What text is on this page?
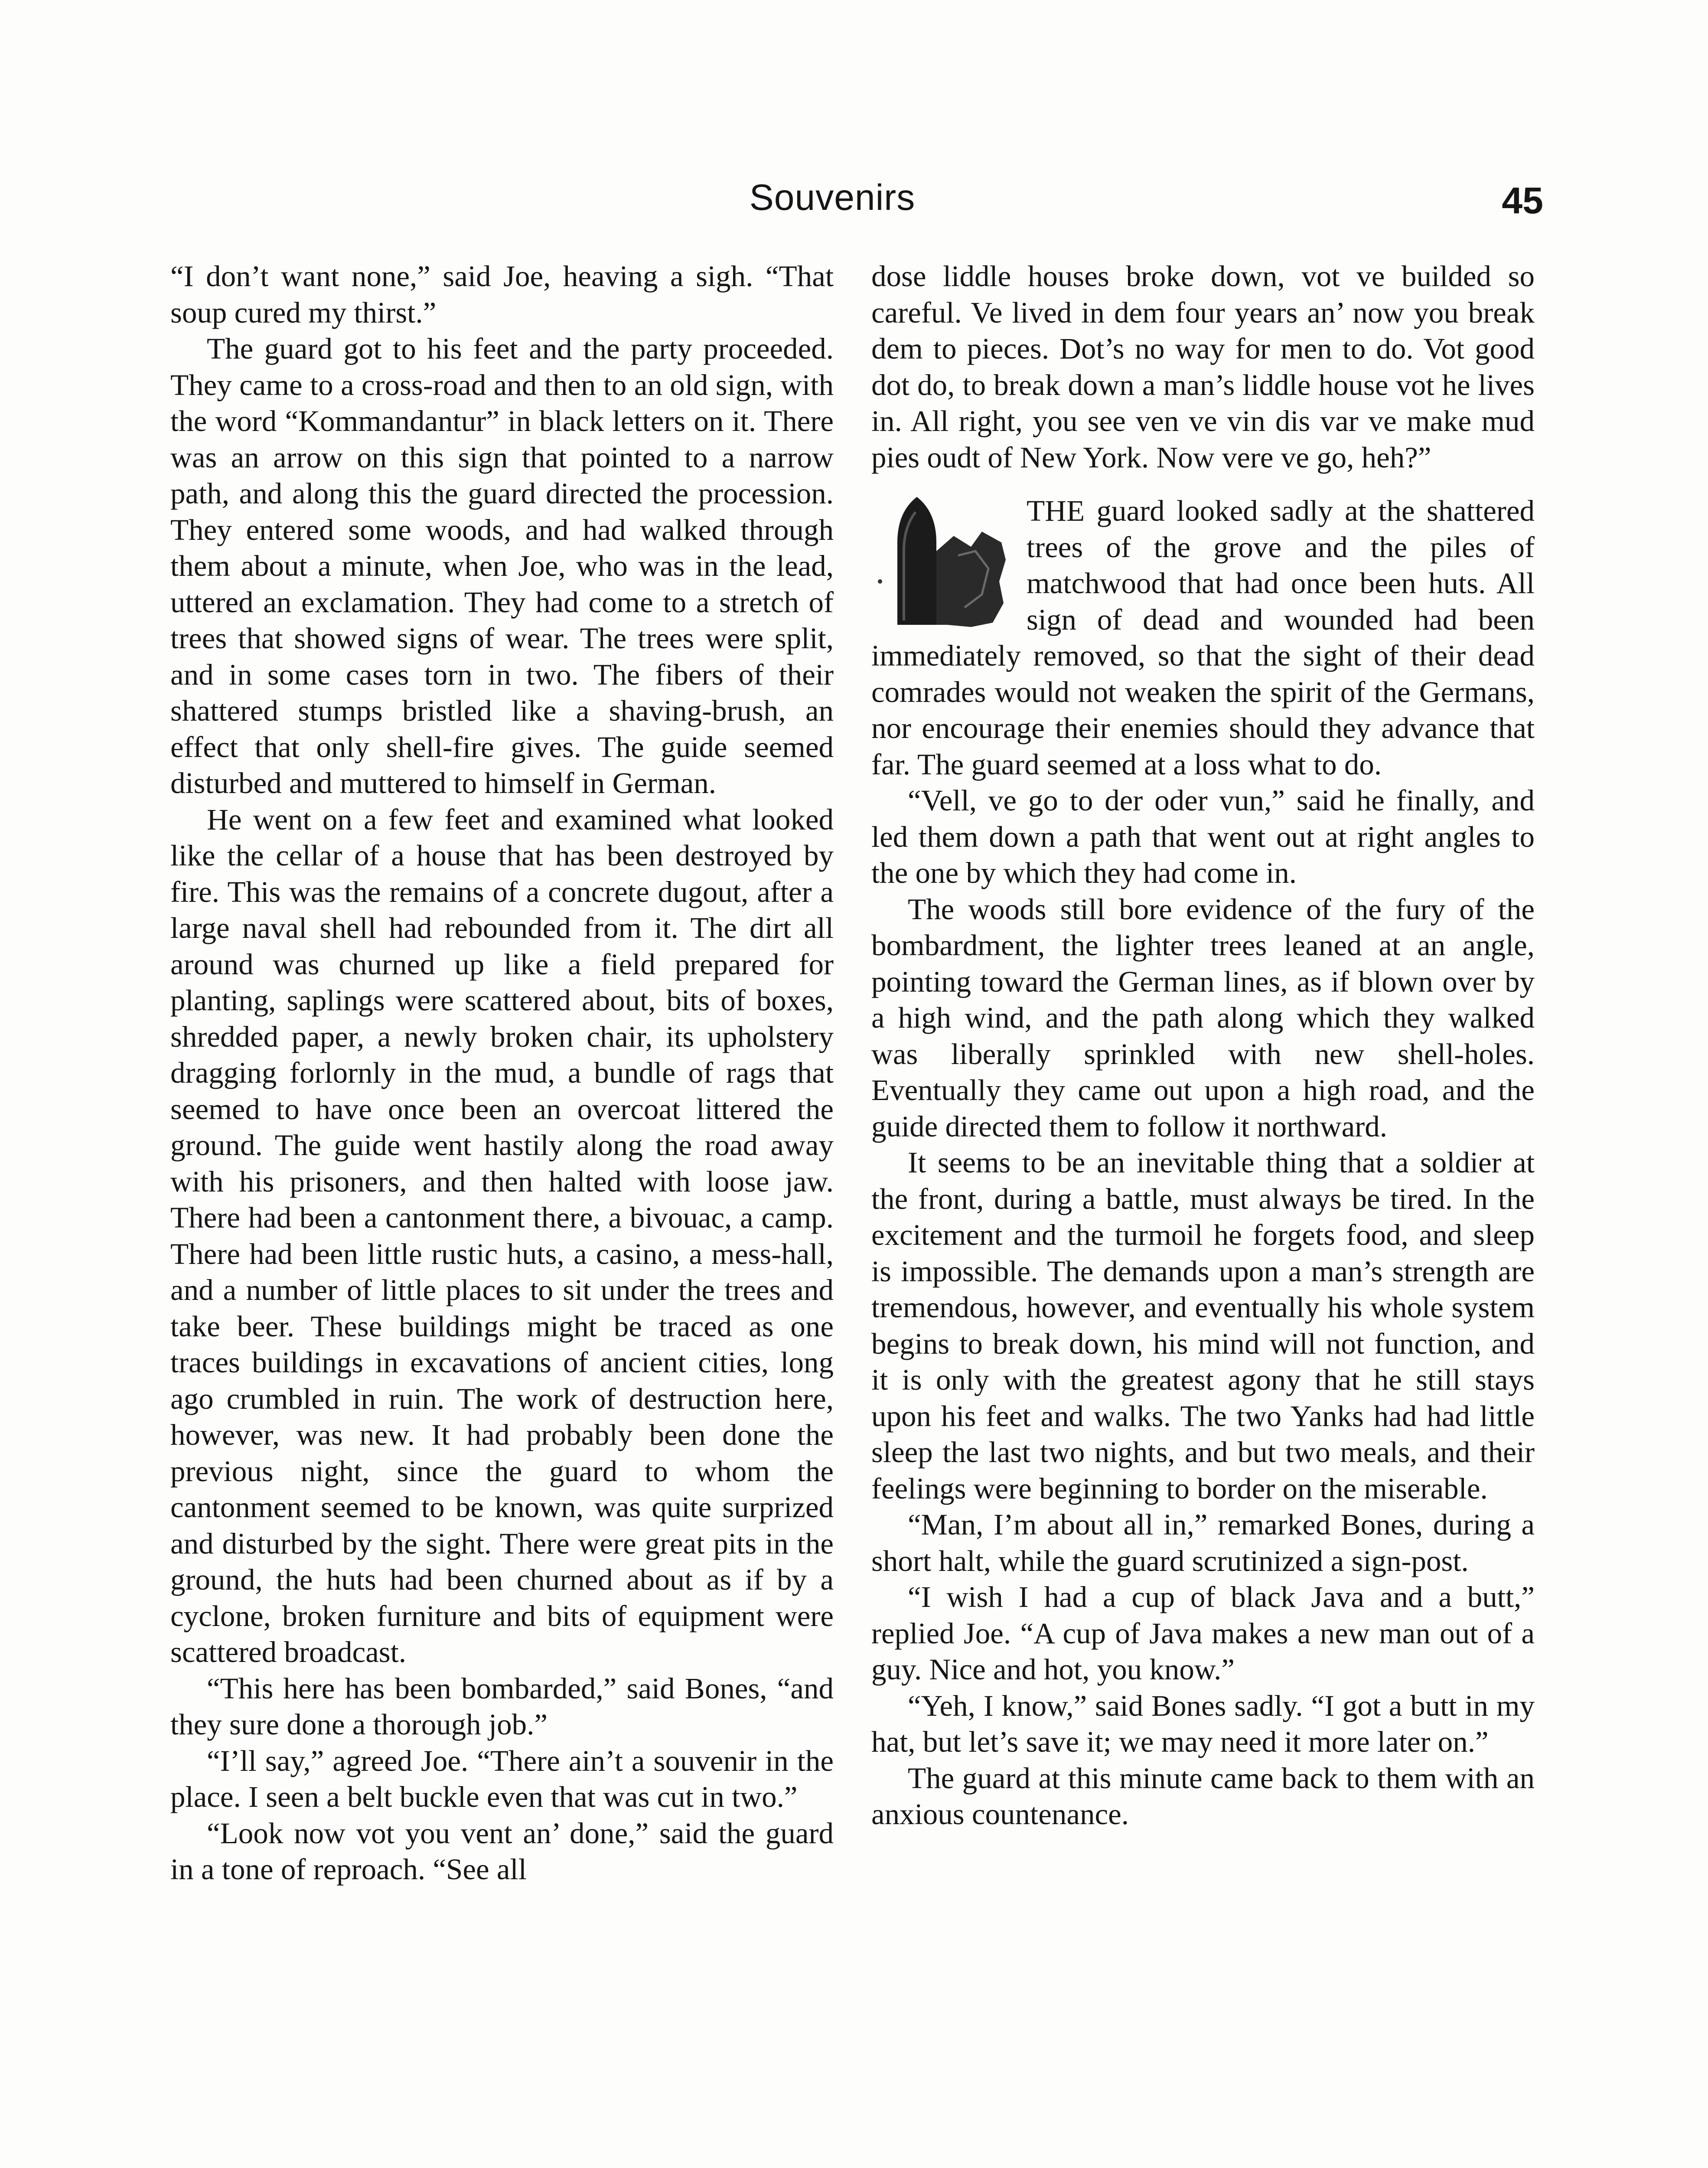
Souvenirs	45

“I don’t want none,” said Joe, heaving a sigh. “That soup cured my thirst.”

The guard got to his feet and the party proceeded. They came to a cross-road and then to an old sign, with the word “Kommandantur” in black letters on it. There was an arrow on this sign that pointed to a narrow path, and along this the guard directed the procession. They entered some woods, and had walked through them about a minute, when Joe, who was in the lead, uttered an exclamation. They had come to a stretch of trees that showed signs of wear. The trees were split, and in some cases torn in two. The fibers of their shattered stumps bristled like a shaving-brush, an effect that only shell-fire gives. The guide seemed disturbed and muttered to himself in German.

He went on a few feet and examined what looked like the cellar of a house that has been destroyed by fire. This was the remains of a concrete dugout, after a large naval shell had rebounded from it. The dirt all around was churned up like a field prepared for planting, saplings were scattered about, bits of boxes, shredded paper, a newly broken chair, its upholstery dragging forlornly in the mud, a bundle of rags that seemed to have once been an overcoat littered the ground. The guide went hastily along the road away with his prisoners, and then halted with loose jaw. There had been a cantonment there, a bivouac, a camp. There had been little rustic huts, a casino, a mess-hall, and a number of little places to sit under the trees and take beer. These buildings might be traced as one traces buildings in excavations of ancient cities, long ago crumbled in ruin. The work of destruction here, however, was new. It had probably been done the previous night, since the guard to whom the cantonment seemed to be known, was quite surprized and disturbed by the sight. There were great pits in the ground, the huts had been churned about as if by a cyclone, broken furniture and bits of equipment were scattered broadcast.

“This here has been bombarded,” said Bones, “and they sure done a thorough job.”

“I’ll say,” agreed Joe. “There ain’t a souvenir in the place. I seen a belt buckle even that was cut in two.”

“Look now vot you vent an’ done,” said the guard in a tone of reproach. “See all

dose liddle houses broke down, vot ve builded so careful. Ve lived in dem four years an’ now you break dem to pieces. Dot’s no way for men to do. Vot good dot do, to break down a man’s liddle house vot he lives in. All right, you see ven ve vin dis var ve make mud pies oudt of New York. Now vere ve go, heh?”

THE guard looked sadly at the shattered trees of the grove and the piles of matchwood that had once been huts. All sign of dead and wounded had been immediately removed, so that the sight of their dead comrades would not weaken the spirit of the Germans, nor encourage their enemies should they advance that far. The guard seemed at a loss what to do.

“Vell, ve go to der oder vun,” said he finally, and led them down a path that went out at right angles to the one by which they had come in.

The woods still bore evidence of the fury of the bombardment, the lighter trees leaned at an angle, pointing toward the German lines, as if blown over by a high wind, and the path along which they walked was liberally sprinkled with new shell-holes. Eventually they came out upon a high road, and the guide directed them to follow it northward.

It seems to be an inevitable thing that a soldier at the front, during a battle, must always be tired. In the excitement and the turmoil he forgets food, and sleep is impossible. The demands upon a man’s strength are tremendous, however, and eventually his whole system begins to break down, his mind will not function, and it is only with the greatest agony that he still stays upon his feet and walks. The two Yanks had had little sleep the last two nights, and but two meals, and their feelings were beginning to border on the miserable.

“Man, I’m about all in,” remarked Bones, during a short halt, while the guard scrutinized a sign-post.

“I wish I had a cup of black Java and a butt,” replied Joe. “A cup of Java makes a new man out of a guy. Nice and hot, you know.”

“Yeh, I know,” said Bones sadly. “I got a butt in my hat, but let’s save it; we may need it more later on.”

The guard at this minute came back to them with an anxious countenance.
